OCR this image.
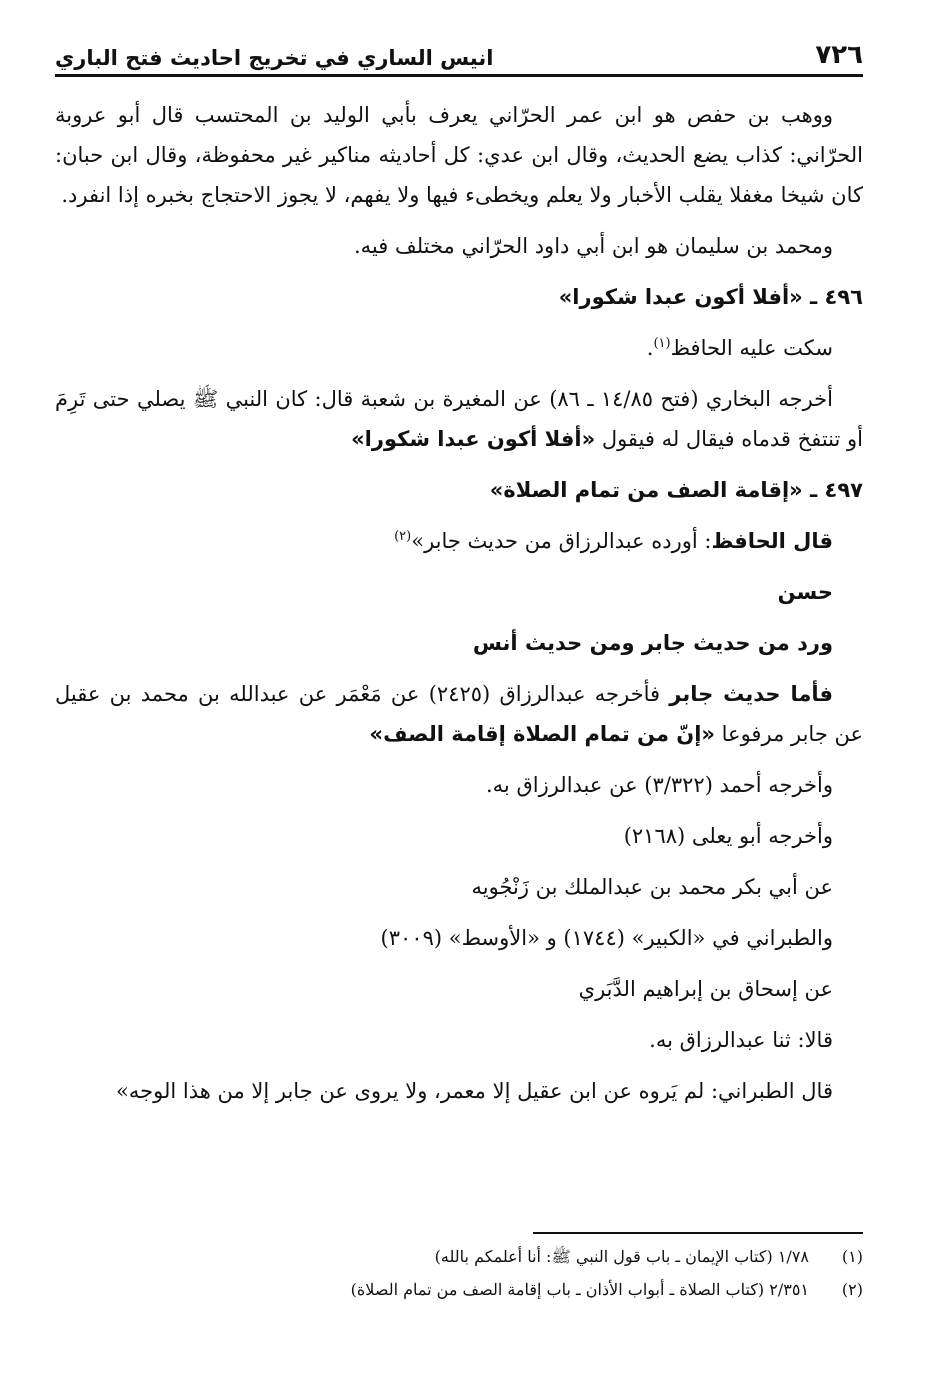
٧٢٦
انيس الساري في تخريج احاديث فتح الباري

ووهب بن حفص هو ابن عمر الحرّاني يعرف بأبي الوليد بن المحتسب قال أبو عروبة الحرّاني: كذاب يضع الحديث، وقال ابن عدي: كل أحاديثه مناكير غير محفوظة، وقال ابن حبان: كان شيخا مغفلا يقلب الأخبار ولا يعلم ويخطىء فيها ولا يفهم، لا يجوز الاحتجاج بخبره إذا انفرد.

ومحمد بن سليمان هو ابن أبي داود الحرّاني مختلف فيه.

٤٩٦ ـ «أفلا أكون عبدا شكورا»

سكت عليه الحافظ$^{(١)}$.

أخرجه البخاري (فتح ١٤/٨٥ ـ ٨٦) عن المغيرة بن شعبة قال: كان النبي ﷺ يصلي حتى تَرِمَ أو تنتفخ قدماه فيقال له فيقول «أفلا أكون عبدا شكورا»

٤٩٧ ـ «إقامة الصف من تمام الصلاة»

قال الحافظ: أورده عبدالرزاق من حديث جابر»$^{(٢)}$

حسن

ورد من حديث جابر ومن حديث أنس

فأما حديث جابر فأخرجه عبدالرزاق (٢٤٢٥) عن مَعْمَر عن عبدالله بن محمد بن عقيل عن جابر مرفوعا «إنّ من تمام الصلاة إقامة الصف»

وأخرجه أحمد (٣/٣٢٢) عن عبدالرزاق به.

وأخرجه أبو يعلى (٢١٦٨)

عن أبي بكر محمد بن عبدالملك بن زَنْجُويه

والطبراني في «الكبير» (١٧٤٤) و «الأوسط» (٣٠٠٩)

عن إسحاق بن إبراهيم الدَّبَري

قالا: ثنا عبدالرزاق به.

قال الطبراني: لم يَروه عن ابن عقيل إلا معمر، ولا يروى عن جابر إلا من هذا الوجه»

(١)
١/٧٨ (كتاب الإيمان ـ باب قول النبي ﷺ: أنا أعلمكم بالله)
(٢)
٢/٣٥١ (كتاب الصلاة ـ أبواب الأذان ـ باب إقامة الصف من تمام الصلاة)
